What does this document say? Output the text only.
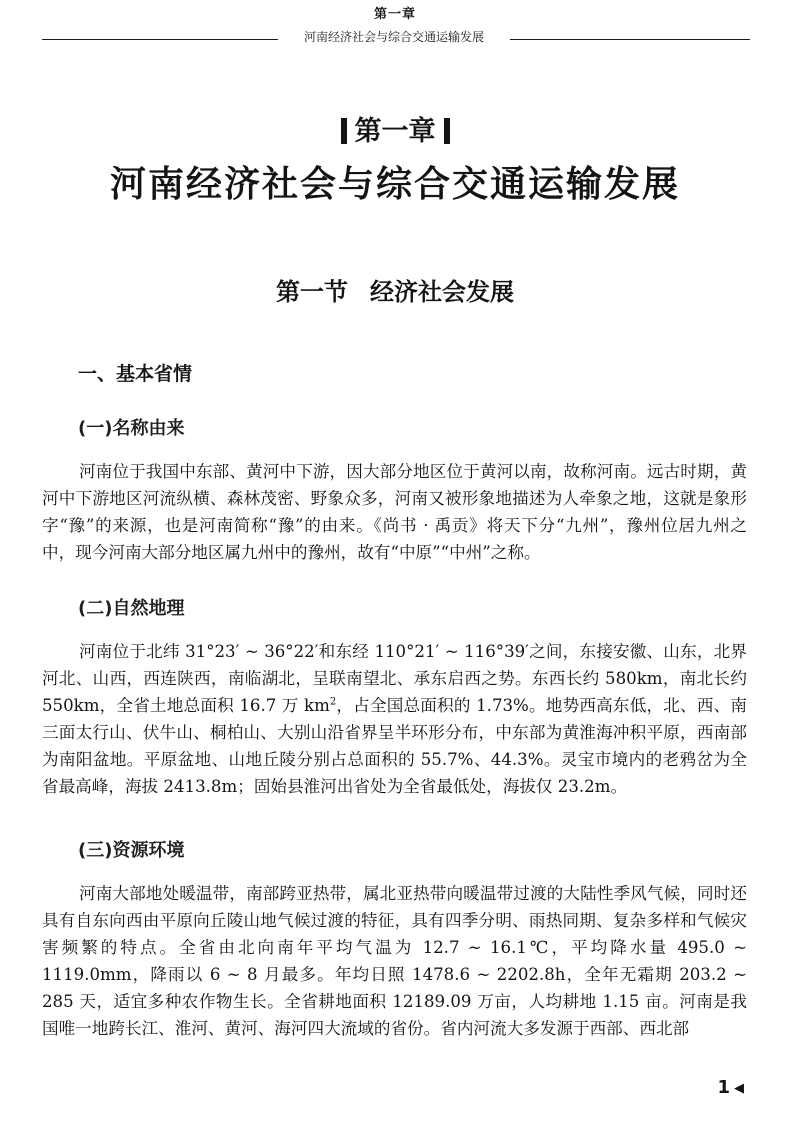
第一章
河南经济社会与综合交通运输发展
第一章
河南经济社会与综合交通运输发展
第一节 经济社会发展
一、基本省情
(一)名称由来

河南位于我国中东部、黄河中下游，因大部分地区位于黄河以南，故称河南。远古时期，黄河中下游地区河流纵横、森林茂密、野象众多，河南又被形象地描述为人牵象之地，这就是象形字“豫”的来源，也是河南简称“豫”的由来。《尚书 · 禹贡》将天下分“九州”，豫州位居九州之中，现今河南大部分地区属九州中的豫州，故有“中原”“中州”之称。

(二)自然地理

河南位于北纬 31°23′ ~ 36°22′和东经 110°21′ ~ 116°39′之间，东接安徽、山东，北界河北、山西，西连陕西，南临湖北，呈联南望北、承东启西之势。东西长约 580km，南北长约 550km，全省土地总面积 16.7 万 $km^2$，占全国总面积的 1.73%。地势西高东低，北、西、南三面太行山、伏牛山、桐柏山、大别山沿省界呈半环形分布，中东部为黄淮海冲积平原，西南部为南阳盆地。平原盆地、山地丘陵分别占总面积的 55.7%、44.3%。灵宝市境内的老鸦岔为全省最高峰，海拔 2413.8m；固始县淮河出省处为全省最低处，海拔仅 23.2m。

(三)资源环境

河南大部地处暖温带，南部跨亚热带，属北亚热带向暖温带过渡的大陆性季风气候，同时还具有自东向西由平原向丘陵山地气候过渡的特征，具有四季分明、雨热同期、复杂多样和气候灾害频繁的特点。全省由北向南年平均气温为 12.7 ~ 16.1℃，平均降水量 495.0 ~ 1119.0mm，降雨以 6 ~ 8 月最多。年均日照 1478.6 ~ 2202.8h，全年无霜期 203.2 ~ 285 天，适宜多种农作物生长。全省耕地面积 12189.09 万亩，人均耕地 1.15 亩。河南是我国唯一地跨长江、淮河、黄河、海河四大流域的省份。省内河流大多发源于西部、西北部

1 ◀
